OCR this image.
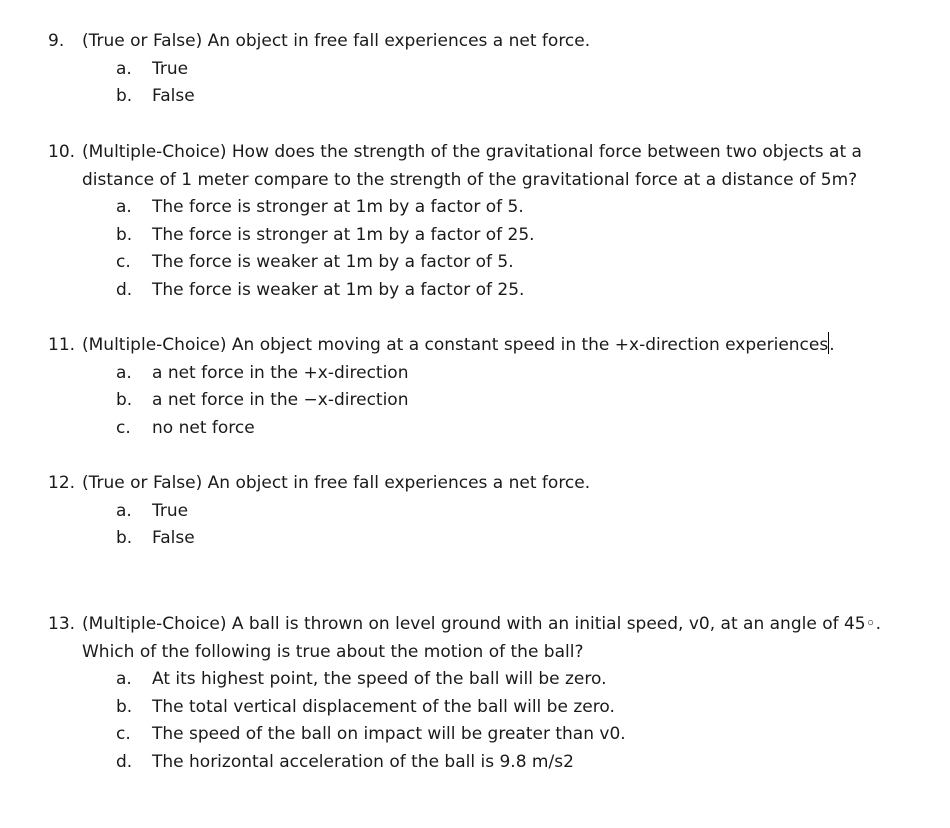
9.	(True or False) An object in free fall experiences a net force.
a.	True
b.	False
10. (Multiple-Choice) How does the strength of the gravitational force between two objects at a
distance of 1 meter compare to the strength of the gravitational force at a distance of 5m?
a.	The force is stronger at 1m by a factor of 5.
b.	The force is stronger at 1m by a factor of 25.
c.	The force is weaker at 1m by a factor of 5.
d.	The force is weaker at 1m by a factor of 25.
11. (Multiple-Choice) An object moving at a constant speed in the +x-direction experiences.
a.	a net force in the +x-direction
b.	a net force in the −x-direction
c.	no net force
12. (True or False) An object in free fall experiences a net force.
a.	True
b.	False
13. (Multiple-Choice) A ball is thrown on level ground with an initial speed, v0, at an angle of 45◦.
Which of the following is true about the motion of the ball?
a.	At its highest point, the speed of the ball will be zero.
b.	The total vertical displacement of the ball will be zero.
c.	The speed of the ball on impact will be greater than v0.
d.	The horizontal acceleration of the ball is 9.8 m/s2
